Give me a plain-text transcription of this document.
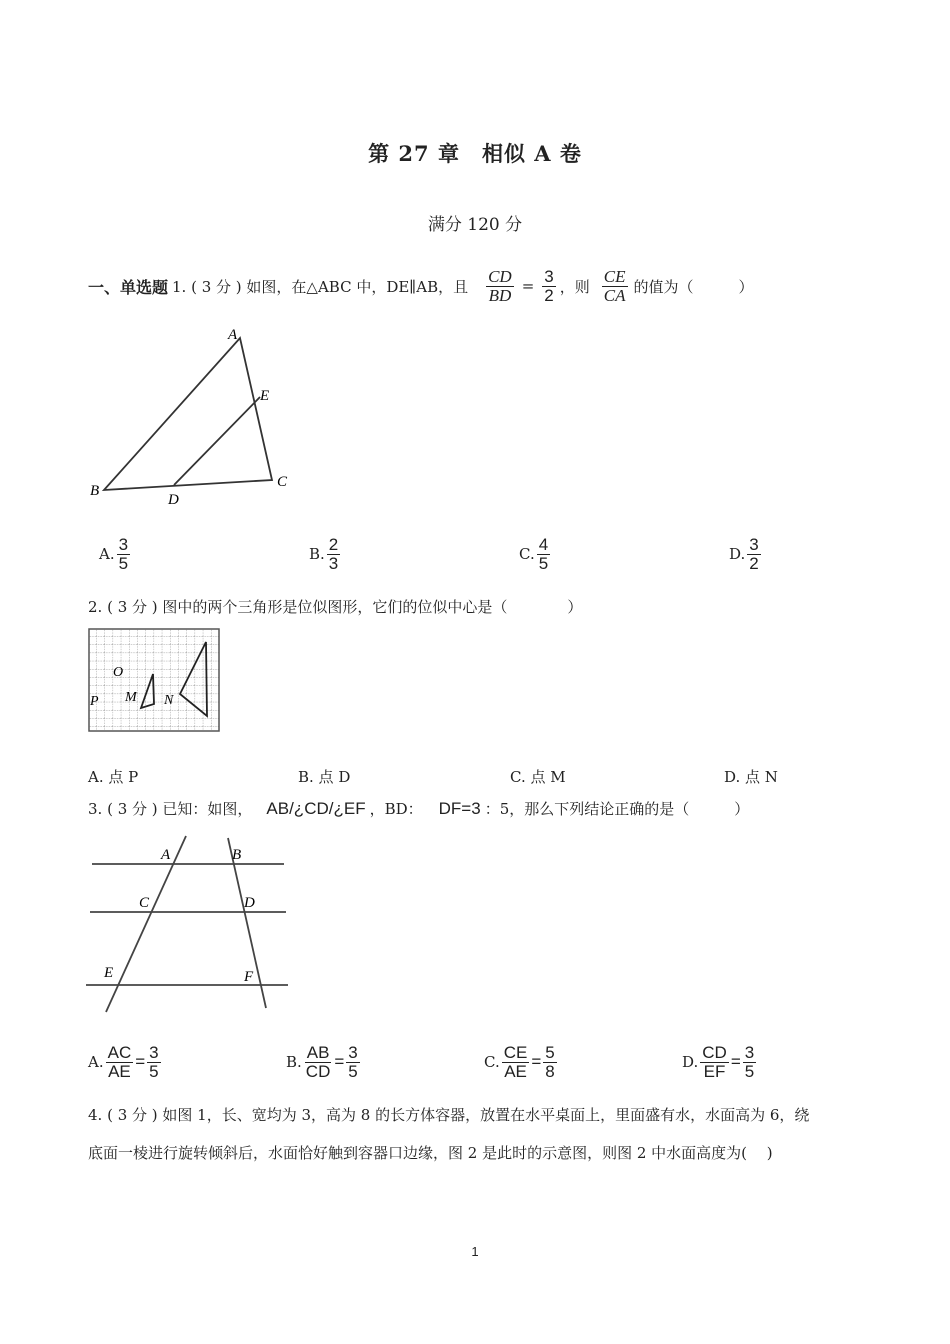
第 27 章　相似 A 卷
满分 120 分
一、单选题 1. ( 3 分 ) 如图，在△ABC 中，DE∥AB，且 $\frac{CD}{BD} = \frac{3}{2}$ ，则 $\frac{CE}{CA}$ 的值为（　　　）
A
B
C
D
E
A. $\frac{3}{5}$	B. $\frac{2}{3}$	C. $\frac{4}{5}$	D. $\frac{3}{2}$
2. ( 3 分 ) 图中的两个三角形是位似图形，它们的位似中心是（　　　　）
O
P M N
A. 点 P	B. 点 D	C. 点 M	D. 点 N
3. ( 3 分 ) 已知：如图， AB/¿CD/¿EF ，BD： DF=3 ：5，那么下列结论正确的是（　　　）
A	B
C	D
E	F
A. $\frac{AC}{AE} = \frac{3}{5}$	B. $\frac{AB}{CD} = \frac{3}{5}$	C. $\frac{CE}{AE} = \frac{5}{8}$	D. $\frac{CD}{EF} = \frac{3}{5}$
4. ( 3 分 ) 如图 1，长、宽均为 3，高为 8 的长方体容器，放置在水平桌面上，里面盛有水，水面高为 6，绕
底面一棱进行旋转倾斜后，水面恰好触到容器口边缘，图 2 是此时的示意图，则图 2 中水面高度为(　 )
1
